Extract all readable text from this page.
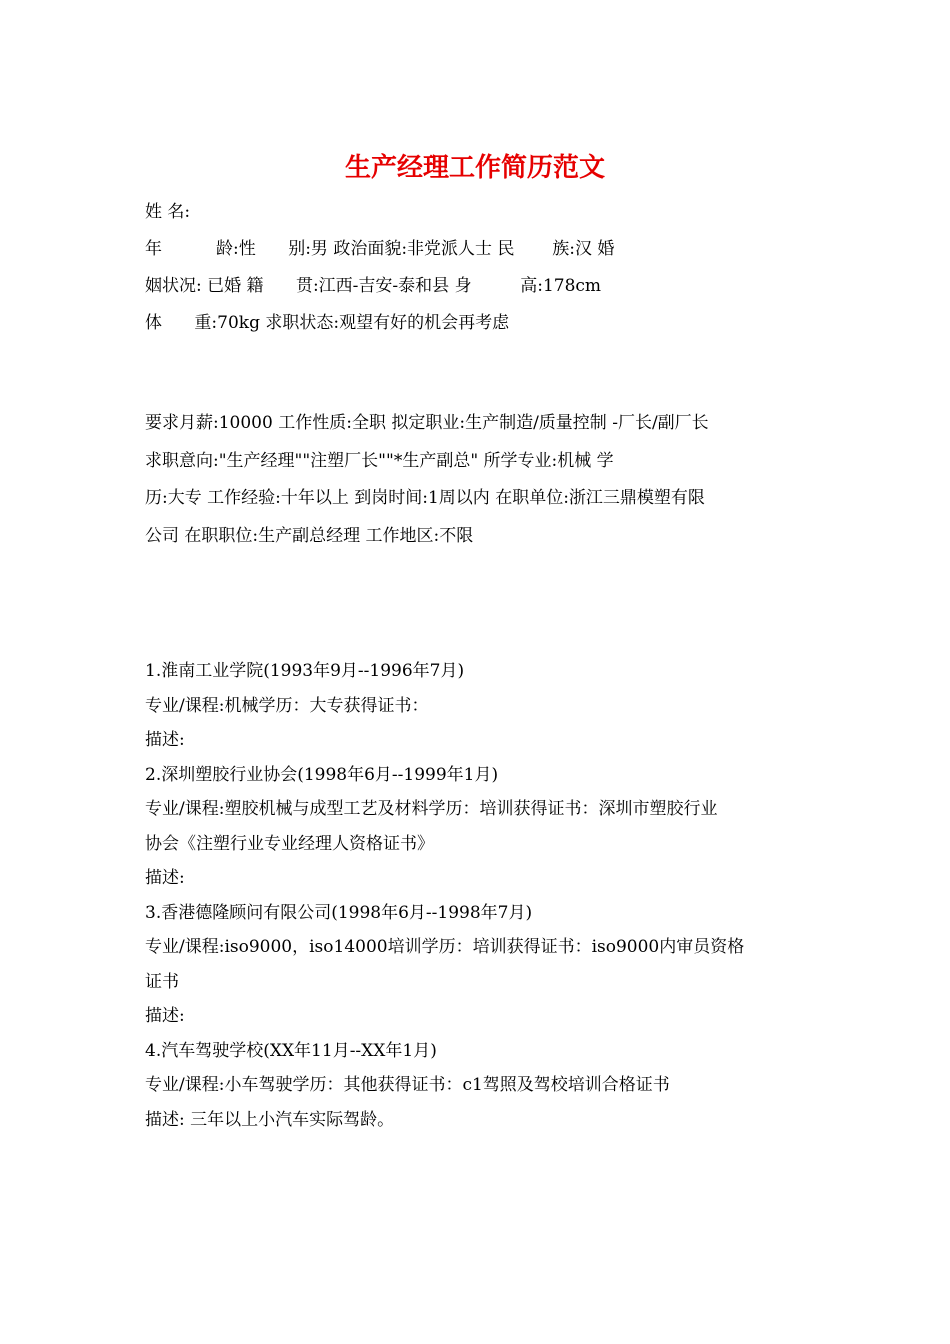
生产经理工作简历范文
姓 名:
年          龄:性      别:男 政治面貌:非党派人士 民       族:汉 婚
姻状况: 已婚 籍      贯:江西-吉安-泰和县 身         高:178cm
体      重:70kg 求职状态:观望有好的机会再考虑
要求月薪:10000 工作性质:全职 拟定职业:生产制造/质量控制 -厂长/副厂长
求职意向:"生产经理""注塑厂长""*生产副总" 所学专业:机械 学
历:大专 工作经验:十年以上 到岗时间:1周以内 在职单位:浙江三鼎模塑有限
公司 在职职位:生产副总经理 工作地区:不限
1.淮南工业学院(1993年9月--1996年7月)
专业/课程:机械学历：大专获得证书：
描述:
2.深圳塑胶行业协会(1998年6月--1999年1月)
专业/课程:塑胶机械与成型工艺及材料学历：培训获得证书：深圳市塑胶行业
协会《注塑行业专业经理人资格证书》
描述:
3.香港德隆顾问有限公司(1998年6月--1998年7月)
专业/课程:iso9000，iso14000培训学历：培训获得证书：iso9000内审员资格
证书
描述:
4.汽车驾驶学校(XX年11月--XX年1月)
专业/课程:小车驾驶学历：其他获得证书：c1驾照及驾校培训合格证书
描述: 三年以上小汽车实际驾龄。
